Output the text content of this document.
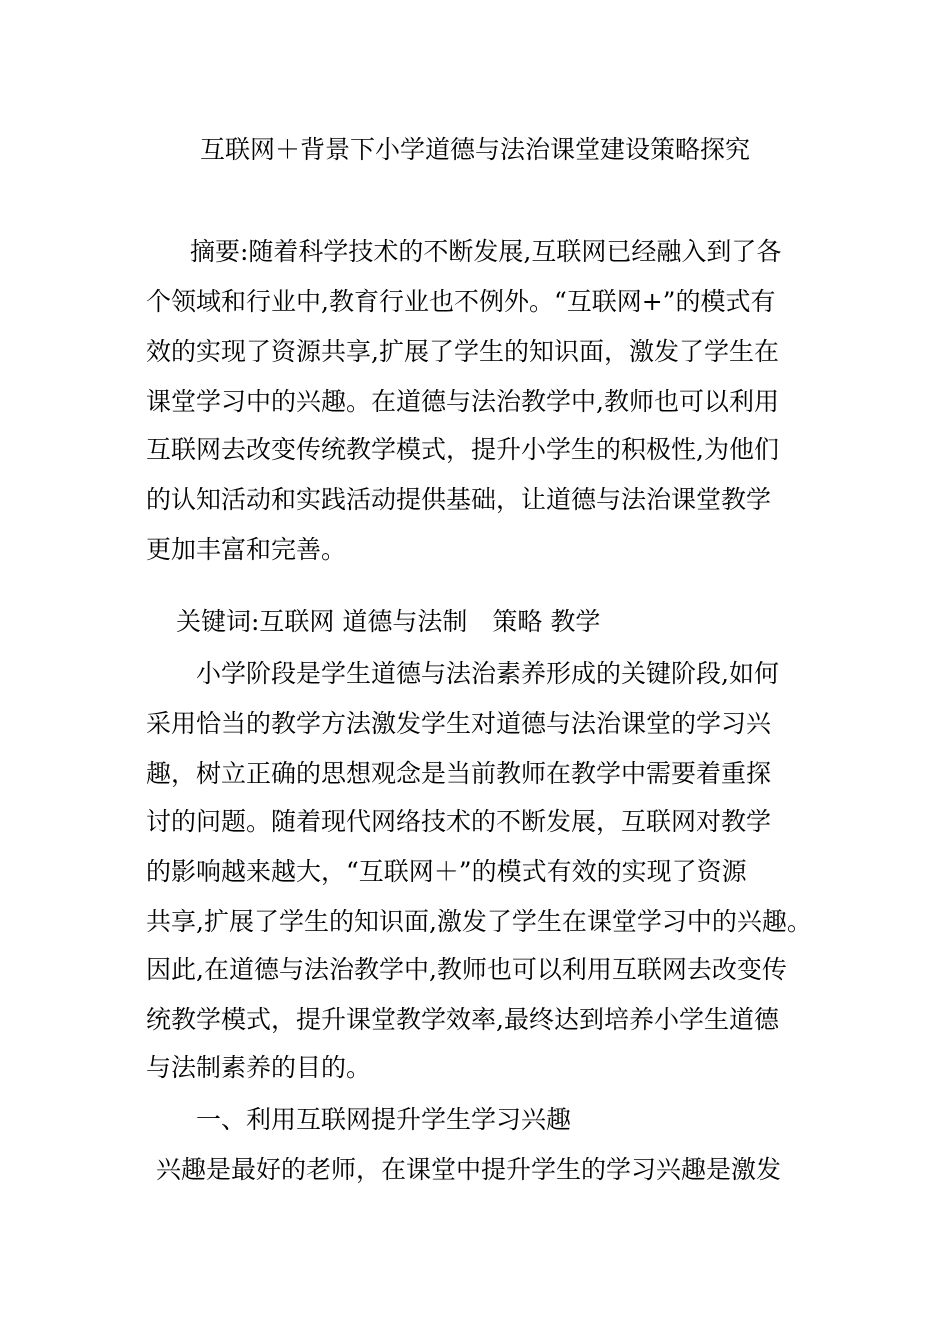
互联网＋背景下小学道德与法治课堂建设策略探究
摘要:随着科学技术的不断发展,互联网已经融入到了各
个领域和行业中,教育行业也不例外。“互联网+”的模式有
效的实现了资源共享,扩展了学生的知识面，激发了学生在
课堂学习中的兴趣。在道德与法治教学中,教师也可以利用
互联网去改变传统教学模式，提升小学生的积极性,为他们
的认知活动和实践活动提供基础，让道德与法治课堂教学
更加丰富和完善。
关键词:互联网 道德与法制　策略 教学
小学阶段是学生道德与法治素养形成的关键阶段,如何
采用恰当的教学方法激发学生对道德与法治课堂的学习兴
趣，树立正确的思想观念是当前教师在教学中需要着重探
讨的问题。随着现代网络技术的不断发展，互联网对教学
的影响越来越大，“互联网＋”的模式有效的实现了资源
共享,扩展了学生的知识面,激发了学生在课堂学习中的兴趣。
因此,在道德与法治教学中,教师也可以利用互联网去改变传
统教学模式，提升课堂教学效率,最终达到培养小学生道德
与法制素养的目的。
一、利用互联网提升学生学习兴趣
兴趣是最好的老师，在课堂中提升学生的学习兴趣是激发
